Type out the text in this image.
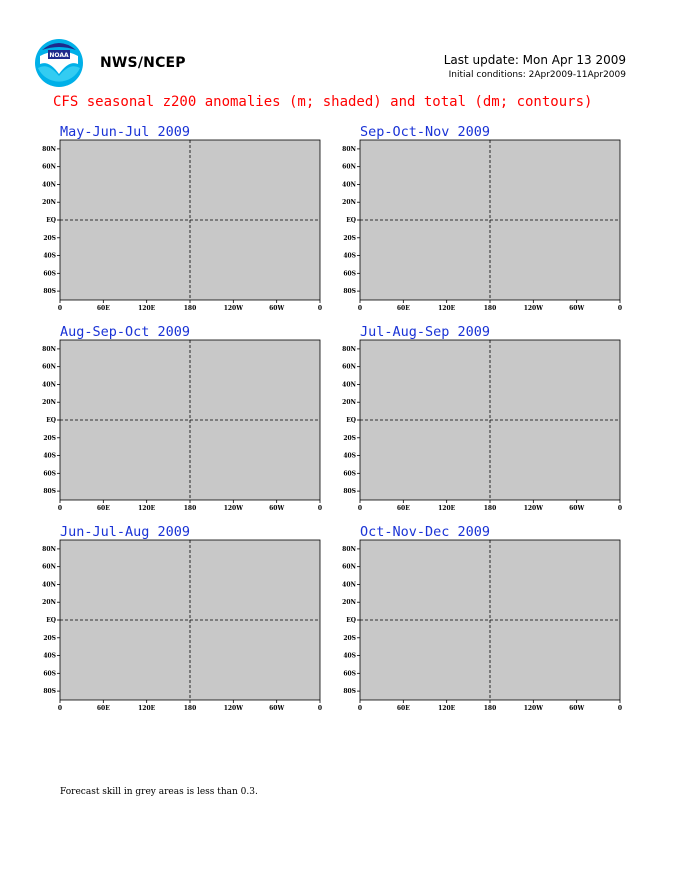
NOAA NWS/NCEP	Last update: Mon Apr 13 2009
Initial conditions: 2Apr2009-11Apr2009
CFS seasonal z200 anomalies (m; shaded) and total (dm; contours)
May-Jun-Jul 2009
80N
60N
40N
20N
EQ
20S
40S
60S
80S
0	60E	120E	180	120W	60W	0
Aug-Sep-Oct 2009
80N
60N
40N
20N
EQ
20S
40S
60S
80S
0	60E	120E	180	120W	60W	0
Jun-Jul-Aug 2009
80N
60N
40N
20N
EQ
20S
40S
60S
80S
0	60E	120E	180	120W	60W	0
Sep-Oct-Nov 2009
80N
60N
40N
20N
EQ
20S
40S
60S
80S
0	60E	120E	180	120W	60W	0
Jul-Aug-Sep 2009
80N
60N
40N
20N
EQ
20S
40S
60S
80S
0	60E	120E	180	120W	60W	0
Oct-Nov-Dec 2009
80N
60N
40N
20N
EQ
20S
40S
60S
80S
0	60E	120E	180	120W	60W	0
Forecast skill in grey areas is less than 0.3.
